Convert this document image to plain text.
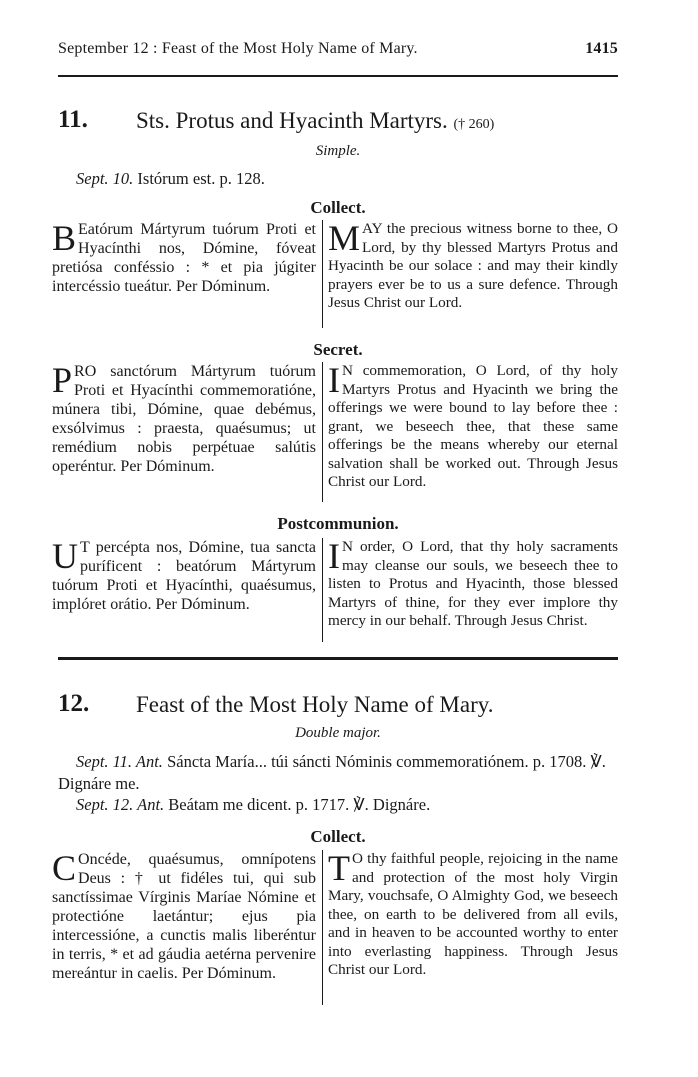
September 12 : Feast of the Most Holy Name of Mary.	1415
11. Sts. Protus and Hyacinth Martyrs. († 260)
Simple.
Sept. 10. Istórum est. p. 128.
Collect.

B Eatórum Mártyrum tuórum Proti et Hyacínthi nos, Dómine, fóveat pretiósa conféssio : * et pia júgiter intercéssio tueátur. Per Dóminum.

MAY the precious witness borne to thee, O Lord, by thy blessed Martyrs Protus and Hyacinth be our solace : and may their kindly prayers ever be to us a sure defence. Through Jesus Christ our Lord.

Secret.

PRO sanctórum Mártyrum tuórum Proti et Hyacínthi commemoratióne, múnera tibi, Dómine, quae debémus, exsólvimus : praesta, quaésumus; ut remédium nobis perpétuae salútis operéntur. Per Dóminum.

I N commemoration, O Lord, of thy holy Martyrs Protus and Hyacinth we bring the offerings we were bound to lay before thee : grant, we beseech thee, that these same offerings be the means whereby our eternal salvation shall be worked out. Through Jesus Christ our Lord.

Postcommunion.

U T percépta nos, Dómine, tua sancta puríficent : beatórum Mártyrum tuórum Proti et Hyacínthi, quaésumus, implóret orátio. Per Dóminum.

I N order, O Lord, that thy holy sacraments may cleanse our souls, we beseech thee to listen to Protus and Hyacinth, those blessed Martyrs of thine, for they ever implore thy mercy in our behalf. Through Jesus Christ.

12. Feast of the Most Holy Name of Mary.
Double major.
Sept. 11. Ant. Sáncta María... túi sáncti Nóminis commemoratiónem. p. 1708. ℣. Dignáre me.
Sept. 12. Ant. Beátam me dicent. p. 1717. ℣. Dignáre.
Collect.

C Oncéde, quaésumus, omnípotens Deus : † ut fidéles tui, qui sub sanctíssimae Vírginis Maríae Nómine et protectióne laetántur; ejus pia intercessióne, a cunctis malis liberéntur in terris, * et ad gáudia aetérna pervenire mereántur in caelis. Per Dóminum.

T O thy faithful people, rejoicing in the name and protection of the most holy Virgin Mary, vouchsafe, O Almighty God, we beseech thee, on earth to be delivered from all evils, and in heaven to be accounted worthy to enter into everlasting happiness. Through Jesus Christ our Lord.
